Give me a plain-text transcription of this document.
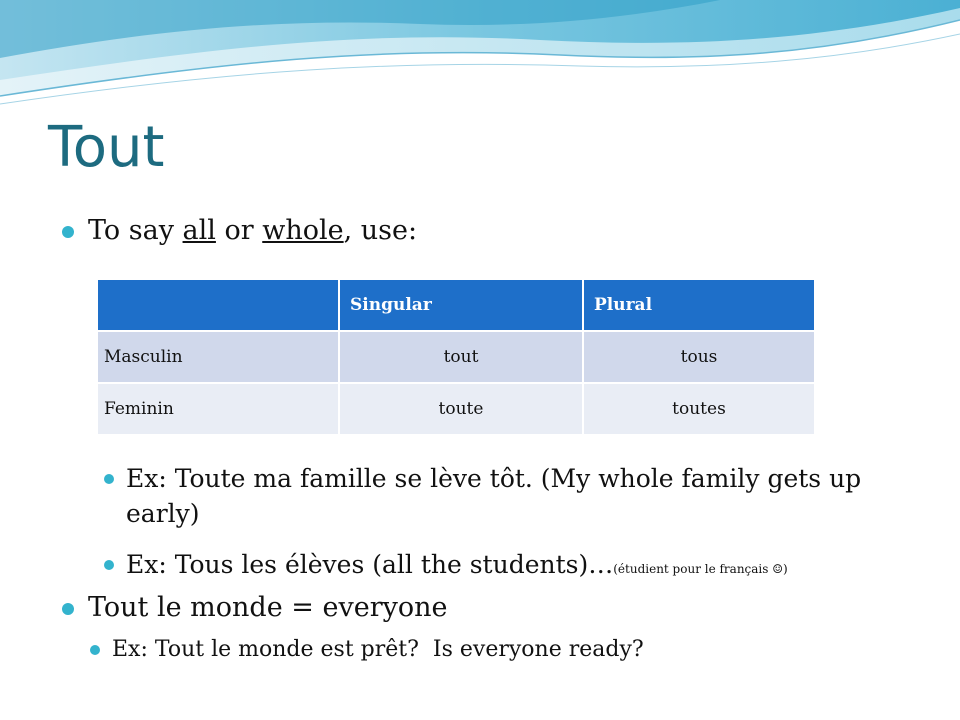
Tout
To say all or whole, use:
	Singular	Plural
Masculin	tout	tous
Feminin	toute	toutes
Ex: Toute ma famille se lève tôt. (My whole family gets up early)
Ex: Tous les élèves (all the students)…(étudient pour le français ☺)
Tout le monde = everyone
Ex: Tout le monde est prêt?  Is everyone ready?
